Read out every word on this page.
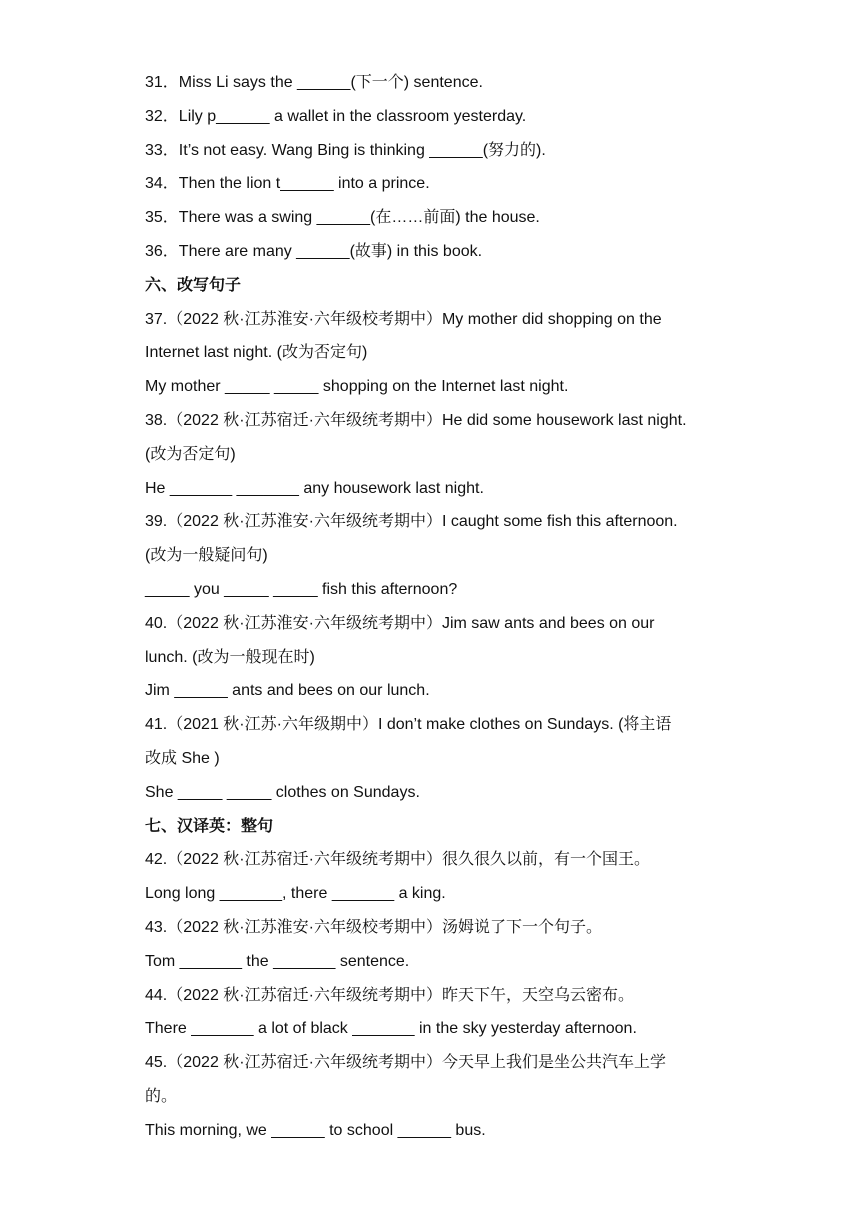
31．Miss Li says the ______(下一个) sentence.
32．Lily p______ a wallet in the classroom yesterday.
33．It’s not easy. Wang Bing is thinking ______(努力的).
34．Then the lion t______ into a prince.
35．There was a swing ______(在……前面) the house.
36．There are many ______(故事) in this book.
六、改写句子
37.（2022 秋·江苏淮安·六年级校考期中）My mother did shopping on the
Internet last night. (改为否定句)
My mother _____ _____ shopping on the Internet last night.
38.（2022 秋·江苏宿迁·六年级统考期中）He did some housework last night.
(改为否定句)
He _______ _______ any housework last night.
39.（2022 秋·江苏淮安·六年级统考期中）I caught some fish this afternoon.
(改为一般疑问句)
_____ you _____ _____ fish this afternoon?
40.（2022 秋·江苏淮安·六年级统考期中）Jim saw ants and bees on our
lunch. (改为一般现在时)
Jim ______ ants and bees on our lunch.
41.（2021 秋·江苏·六年级期中）I don’t make clothes on Sundays. (将主语
改成 She )
She _____ _____ clothes on Sundays.
七、汉译英：整句
42.（2022 秋·江苏宿迁·六年级统考期中）很久很久以前，有一个国王。
Long long _______, there _______ a king.
43.（2022 秋·江苏淮安·六年级校考期中）汤姆说了下一个句子。
Tom _______ the _______ sentence.
44.（2022 秋·江苏宿迁·六年级统考期中）昨天下午，天空乌云密布。
There _______ a lot of black _______ in the sky yesterday afternoon.
45.（2022 秋·江苏宿迁·六年级统考期中）今天早上我们是坐公共汽车上学
的。
This morning, we ______ to school ______ bus.
